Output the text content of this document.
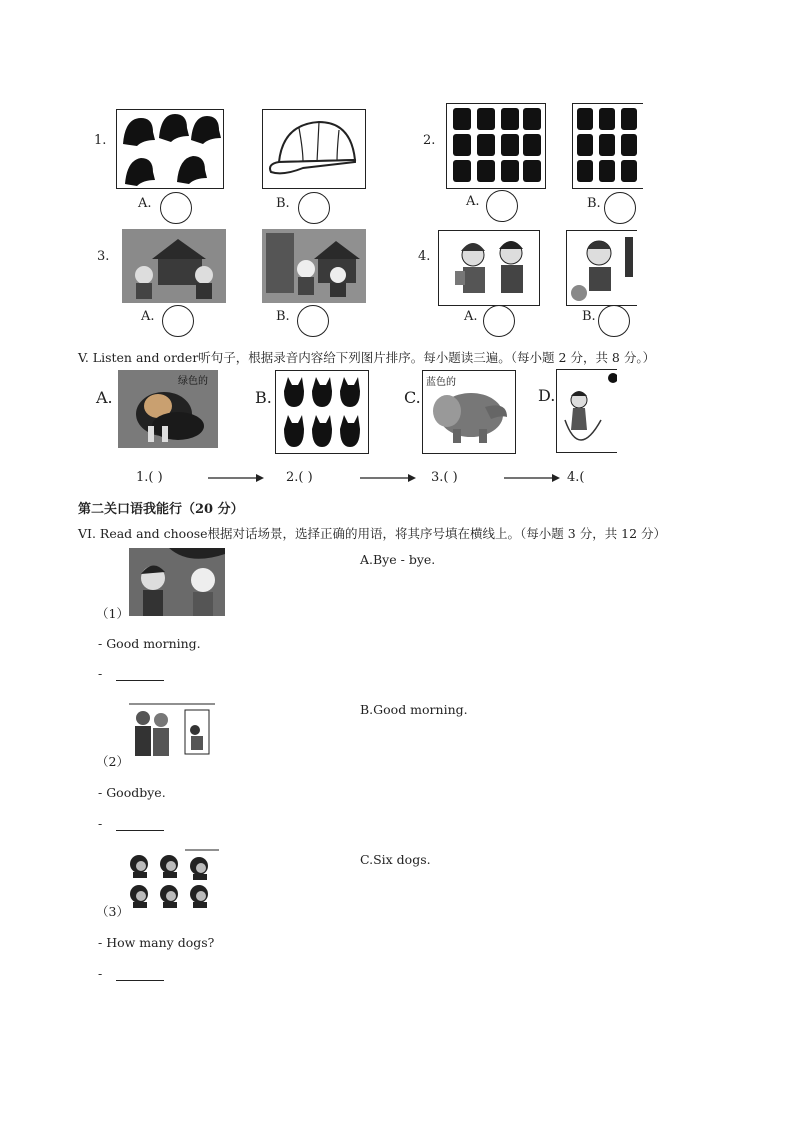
1.
A.	B.
2.
A.	B.
3.
A.	B.
4.
A.	B.
V. Listen and order听句子，根据录音内容给下列图片排序。每小题读三遍。（每小题 2 分，共 8 分。）
A.
绿色的
B.	C.
蓝色的
D.
1.( )	2.( )	3.( )	4.(
第二关口语我能行（20 分）
VI. Read and choose根据对话场景，选择正确的用语，将其序号填在横线上。（每小题 3 分，共 12 分）
（1）
A.Bye - bye.
- Good morning.
-
（2）
B.Good morning.
- Goodbye.
-
（3）
C.Six dogs.
- How many dogs?
-
